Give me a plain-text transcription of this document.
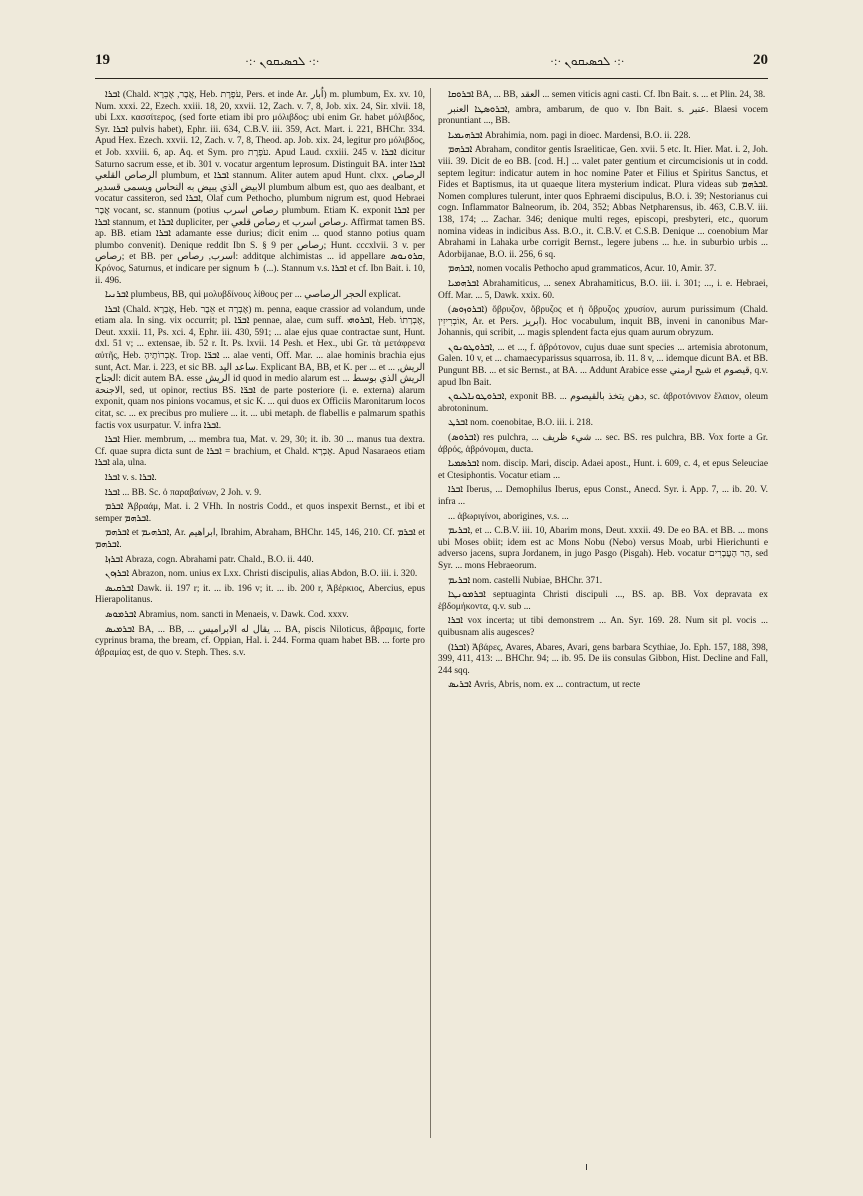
19	·:· ܠܟܣܝܩܘܢ ·:·	·:· ܠܟܣܝܩܘܢ ·:·	20

ܐܒܪܐ (Chald. אֲבָר, אֶבְרָא, Heb. עֹפֶרֶת, Pers. et inde Ar. اُبار) m. plumbum, Ex. xv. 10, Num. xxxi. 22, Ezech. xxiii. 18, 20, xxvii. 12, Zach. v. 7, 8, Job. xix. 24, Sir. xlvii. 18, ubi Lxx. κασσίτερος, (sed forte etiam ibi pro μόλιβδος: ubi enim Gr. habet μόλιβδος, Syr. ܐܒܪܐ pulvis habet), Ephr. iii. 634, C.B.V. iii. 359, Act. Mart. i. 221, BHChr. 334. Apud Hex. Ezech. xxvii. 12, Zach. v. 7, 8, Theod. ap. Job. xix. 24, legitur pro μόλιβδος, et Job. xxviii. 6, ap. Aq. et Sym. pro עֹפֶרֶת. Apud Laud. cxxiii. 245 v. ܐܒܪܐ dicitur Saturno sacrum esse, et ib. 301 v. vocatur argentum leprosum. Distinguit BA. inter ܐܒܪܐ الرصاص القلعي plumbum, et ܐܒܪܐ stannum. Aliter autem apud Hunt. clxx. الرصاص الابيض الذي يبيض به النحاس ويسمى قسدير plumbum album est, quo aes dealbant, et vocatur cassiteron, sed ܐܒܪܐ, Olaf cum Pethocho, plumbum nigrum est, quod Hebraei אֲבָר vocant, sc. stannum (potius رصاص اسرب plumbum. Etiam K. exponit ܐܒܪܐ per ܐܒܪܐ stannum, et ܐܒܪܐ dupliciter, per رصاص قلعي et رصاص اسرب. Affirmat tamen BS. ap. BB. etiam ܐܒܪܐ adamante esse durius; dicit enim ... quod stanno potius quam plumbo convenit). Denique reddit Ibn S. § 9 per رصاص; Hunt. cccxlvii. 3 v. per رصاص; et BB. per اسرب, رصاص: additque alchimistas ... id appellare ܩܪܘܢܘܣ, Κρόνος, Saturnus, et indicare per signum ♄ (...). Stannum v.s. ܐܒܪܐ et cf. Ibn Bait. i. 10, ii. 496.

ܐܒܪܢܝܐ plumbeus, BB, qui μολυβδίνους λίθους per ... الحجر الرصاصي explicat.

ܐܒܪܐ (Chald. אֶבְרָא, Heb. אֵבֶר et אֶבְרָה) m. penna, eaque crassior ad volandum, unde etiam ala. In sing. vix occurrit; pl. ܐܒܪ̈ܐ pennae, alae, cum suff. ܐܒܪܘܗܝ, Heb. אֶבְרָתוֹ, Deut. xxxii. 11, Ps. xci. 4, Ephr. iii. 430, 591; ... alae ejus quae contractae sunt, Hunt. dxl. 51 v; ... extensae, ib. 52 r. It. Ps. lxvii. 14 Pesh. et Hex., ubi Gr. τὰ μετάφρενα αὐτῆς, Heb. אֶבְרוֹתֶיהָ. Trop. ܐܒܪ̈ܐ ... alae venti, Off. Mar. ... alae hominis brachia ejus sunt, Act. Mar. i. 223, et sic BB. ساعد اليد. Explicant BA, BB, et K. per ... et ... الريش, الجناح: dicit autem BA. esse الريش id quod in medio alarum est ... الريش الذي بوسط الاجنحة, sed, ut opinor, rectius BS. ܐܒܪ̈ܐ de parte posteriore (i. e. externa) alarum exponit, quam nos pinions vocamus, et sic K. ... qui duos ex Officiis Maronitarum locos citat, sc. ... ex precibus pro muliere ... it. ... ubi metaph. de flabellis e palmarum spathis factis vox usurpatur. V. infra ܐܒܪܐ.

ܐܒܪܐ Hier. membrum, ... membra tua, Mat. v. 29, 30; it. ib. 30 ... manus tua dextra. Cf. quae supra dicta sunt de ܐܒܪܐ = brachium, et Chald. אֶבְרָא. Apud Nasaraeos etiam ܐܒܪܐ ala, ulna.

ܐܒܪܐ v. s. ܐܒܪܐ.

ܐܒܪܐ ... BB. Sc. ὁ παραβαίνων, 2 Joh. v. 9.

ܐܒܪܡ Ἀβραάμ, Mat. i. 2 VHh. In nostris Codd., et quos inspexit Bernst., et ibi et semper ܐܒܪܗܡ.

ܐܒܪܗܡ et ܐܒܪܗܝܡ, Ar. ابراهيم, Ibrahim, Abraham, BHChr. 145, 146, 210. Cf. ܐܒܪܡ et ܐܒܪܗܡ.

ܐܒܪܙܐ Abraza, cogn. Abrahami patr. Chald., B.O. ii. 440.

ܐܒܪܙܘܢ Abrazon, nom. unius ex Lxx. Christi discipulis, alias Abdon, B.O. iii. i. 320.

ܐܒܪܩܝܣ Dawk. ii. 197 r; it. ... ib. 196 v; it. ... ib. 200 r, Ἀβέρκιος, Abercius, epus Hierapolitanus.

ܐܒܪܡܘܣ Abramius, nom. sancti in Menaeis, v. Dawk. Cod. xxxv.

ܐܒܪܡܝܣ BA, ... BB, ... يقال له الابراميس ... BA, piscis Niloticus, ἄβραμις, forte cyprinus brama, the bream, cf. Oppian, Hal. i. 244. Forma quam habet BB. ... forte pro ἀβραμίας est, de quo v. Steph. Thes. s.v.

ܐܒܪܘܩܐ BA, ... BB, العقد ... semen viticis agni casti. Cf. Ibn Bait. s. ... et Plin. 24, 38.

ܐܒܪܘܣܛܐ العنبر, ambra, ambarum, de quo v. Ibn Bait. s. عنبر. Blaesi vocem pronuntiant ..., BB.

ܐܒܪܗܝܡܝܐ Abrahimia, nom. pagi in dioec. Mardensi, B.O. ii. 228.

ܐܒܪܗܡ Abraham, conditor gentis Israeliticae, Gen. xvii. 5 etc. It. Hier. Mat. i. 2, Joh. viii. 39. Dicit de eo BB. [cod. H.] ... valet pater gentium et circumcisionis ut in codd. septem legitur: indicatur autem in hoc nomine Pater et Filius et Spiritus Sanctus, et Fides et Baptismus, ita ut quaeque litera mysterium indicat. Plura videas sub ܐܒܪܗܡ. Nomen complures tulerunt, inter quos Ephraemi discipulus, B.O. i. 39; Nestorianus cui cogn. Inflammator Balneorum, ib. 204, 352; Abbas Netpharensus, ib. 463, C.B.V. iii. 138, 174; ... Zachar. 346; denique multi reges, episcopi, presbyteri, etc., quorum nomina videas in indicibus Ass. B.O., it. C.B.V. et C.S.B. Denique ... coenobium Mar Abrahami in Lahaka urbe corrigit Bernst., legere jubens ... h.e. in suburbio urbis ... Adorbijanae, B.O. ii. 256, 6 sq.

ܐܒܪܗܡ, nomen vocalis Pethocho apud grammaticos, Acur. 10, Amir. 37.

ܐܒܪܗܡܝܐ Abrahamiticus, ... senex Abrahamiticus, B.O. iii. i. 301; ..., i. e. Hebraei, Off. Mar. ... 5, Dawk. xxix. 60.

(ܐܒܪܘܙܘܣ) ὄβρυζον, ὄβρυζος et ἡ ὄβρυζος χρυσίον, aurum purissimum (Chald. אוֹבְרִיזִין, Ar. et Pers. ابريز). Hoc vocabulum, inquit BB, inveni in canonibus Mar-Johannis, qui scribit, ... magis splendent facta ejus quam aurum obryzum.

ܐܒܪܘܛܘܢܘܢ, ... et ..., f. ἀβρότονον, cujus duae sunt species ... artemisia abrotonum, Galen. 10 v, et ... chamaecyparissus squarrosa, ib. 11. 8 v, ... idemque dicunt BA. et BB. Pungunt BB. ... et sic Bernst., at BA. ... Addunt Arabice esse شيح ارمني et قيصوم, q.v. apud Ibn Bait.

ܐܒܪܘܛܘܢܐܠܝܘܢ, exponit BB. ... دهن يتخذ بالقيصوم, sc. ἀβροτόνινον ἔλαιον, oleum abrotoninum.

ܐܒܪܛ nom. coenobitae, B.O. iii. i. 218.

(ܐܒܪܘܣ) res pulchra, ... شيء ظريف ... sec. BS. res pulchra, BB. Vox forte a Gr. ἁβρός, ἁβρόνομαι, ducta.

ܐܒܪܣܡܝܐ nom. discip. Mari, discip. Adaei apost., Hunt. i. 609, c. 4, et epus Seleuciae et Ctesiphontis. Vocatur etiam ...

ܐܒܪܐ Iberus, ... Demophilus Iberus, epus Const., Anecd. Syr. i. App. 7, ... ib. 20. V. infra ...

... ἀβωριγίνοι, aborigines, v.s. ...

ܐܒܪܝܡ, et ... C.B.V. iii. 10, Abarim mons, Deut. xxxii. 49. De eo BA. et BB. ... mons ubi Moses obiit; idem est ac Mons Nobu (Nebo) versus Moab, urbi Hierichunti e adverso jacens, supra Jordanem, in jugo Pasgo (Pisgah). Heb. vocatur הַר הָעֲבָרִים, sed Syr. ... mons Hebraeorum.

ܐܒܪܝܡ nom. castelli Nubiae, BHChr. 371.

ܐܒܪܡܘܢܛܐ septuaginta Christi discipuli ..., BS. ap. BB. Vox depravata ex ἑβδομήκοντα, q.v. sub ...

ܐܒܪܐ vox incerta; ut tibi demonstrem ... An. Syr. 169. 28. Num sit pl. vocis ... quibusnam alis augesces?

(ܐܒܪܐ) Ἀβάρες, Avares, Abares, Avari, gens barbara Scythiae, Jo. Eph. 157, 188, 398, 399, 411, 413: ... BHChr. 94; ... ib. 95. De iis consulas Gibbon, Hist. Decline and Fall, 244 sqq.

ܐܒܪܝܣ Avris, Abris, nom. ex ... contractum, ut recte
